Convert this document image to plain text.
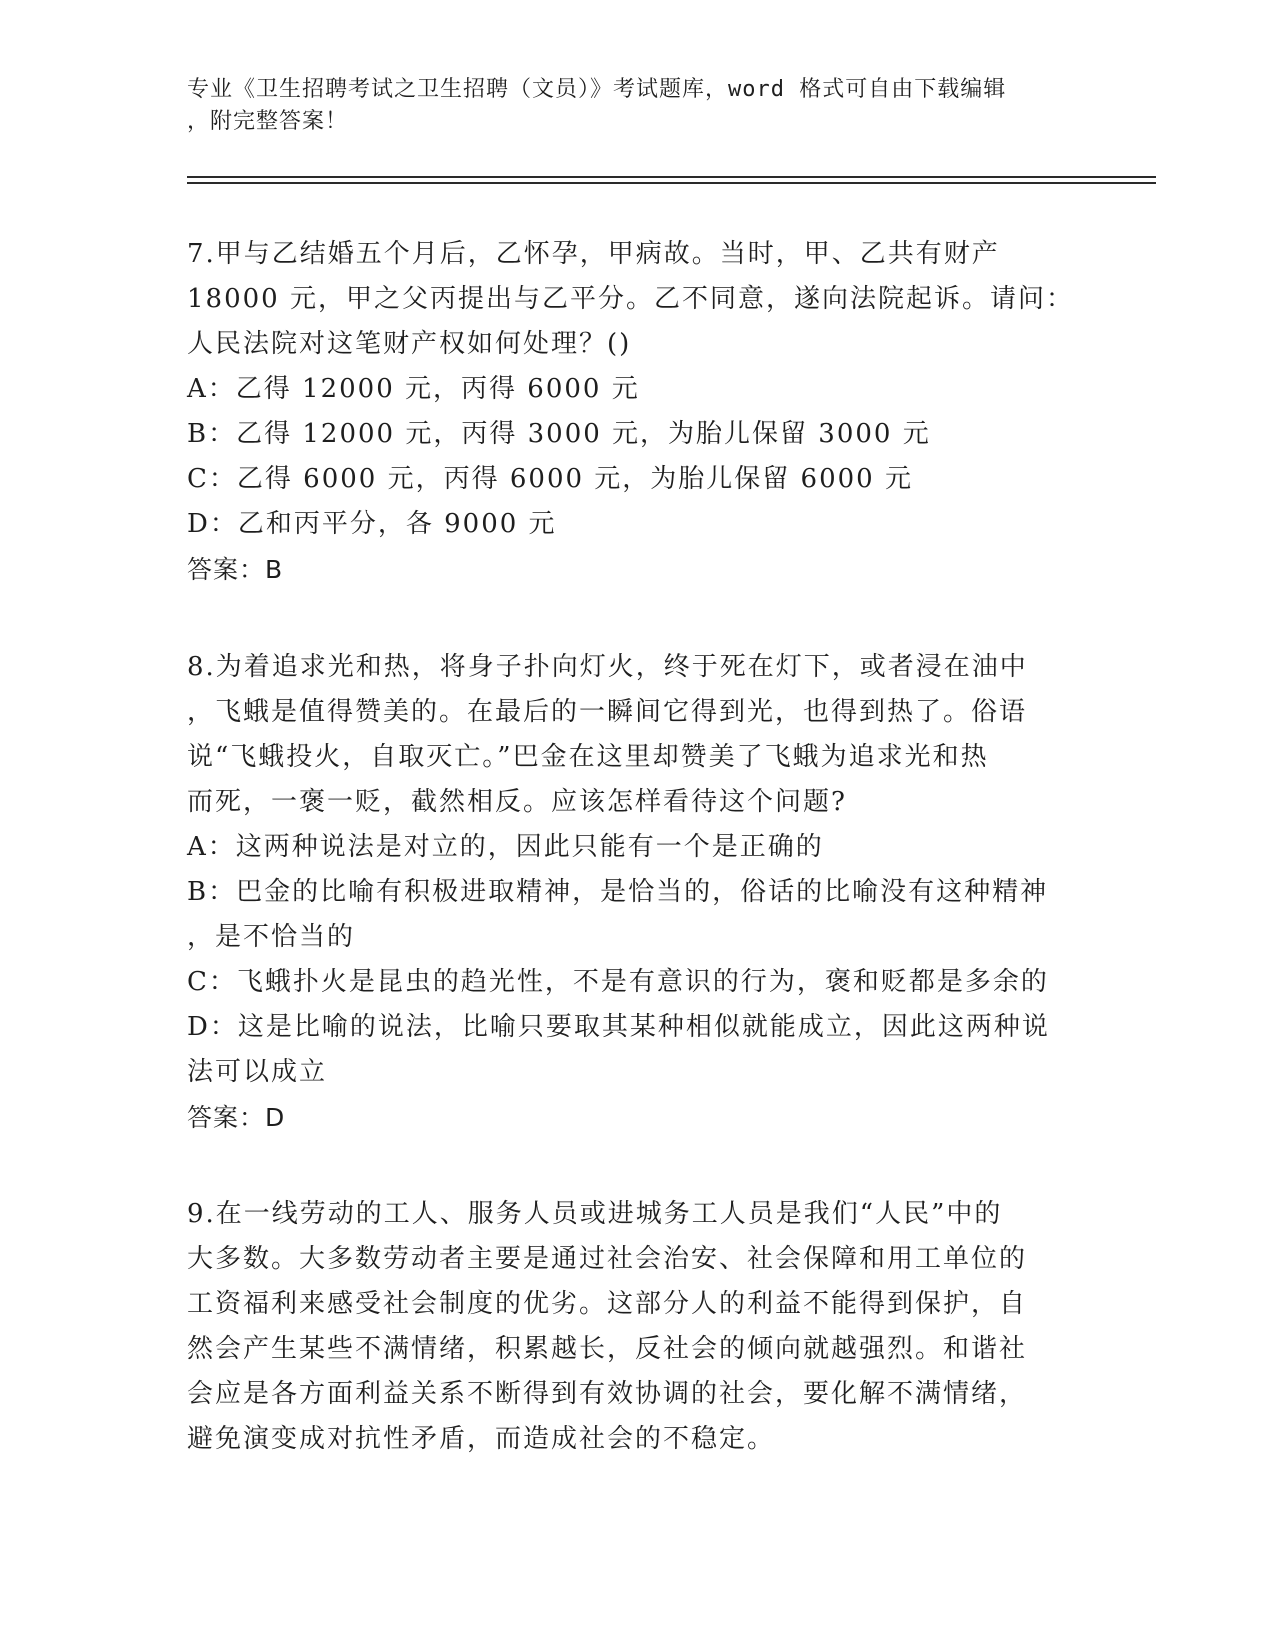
专业《卫生招聘考试之卫生招聘（文员）》考试题库，word 格式可自由下载编辑
，附完整答案！
7.甲与乙结婚五个月后，乙怀孕，甲病故。当时，甲、乙共有财产
18000 元，甲之父丙提出与乙平分。乙不同意，遂向法院起诉。请问：
人民法院对这笔财产权如何处理？()
A：乙得 12000 元，丙得 6000 元
B：乙得 12000 元，丙得 3000 元，为胎儿保留 3000 元
C：乙得 6000 元，丙得 6000 元，为胎儿保留 6000 元
D：乙和丙平分，各 9000 元
答案：B
8.为着追求光和热，将身子扑向灯火，终于死在灯下，或者浸在油中
，飞蛾是值得赞美的。在最后的一瞬间它得到光，也得到热了。俗语
说“飞蛾投火，自取灭亡。”巴金在这里却赞美了飞蛾为追求光和热
而死，一褒一贬，截然相反。应该怎样看待这个问题?
A：这两种说法是对立的，因此只能有一个是正确的
B：巴金的比喻有积极进取精神，是恰当的，俗话的比喻没有这种精神
，是不恰当的
C：飞蛾扑火是昆虫的趋光性，不是有意识的行为，褒和贬都是多余的
D：这是比喻的说法，比喻只要取其某种相似就能成立，因此这两种说
法可以成立
答案：D
9.在一线劳动的工人、服务人员或进城务工人员是我们“人民”中的
大多数。大多数劳动者主要是通过社会治安、社会保障和用工单位的
工资福利来感受社会制度的优劣。这部分人的利益不能得到保护，自
然会产生某些不满情绪，积累越长，反社会的倾向就越强烈。和谐社
会应是各方面利益关系不断得到有效协调的社会，要化解不满情绪，
避免演变成对抗性矛盾，而造成社会的不稳定。
